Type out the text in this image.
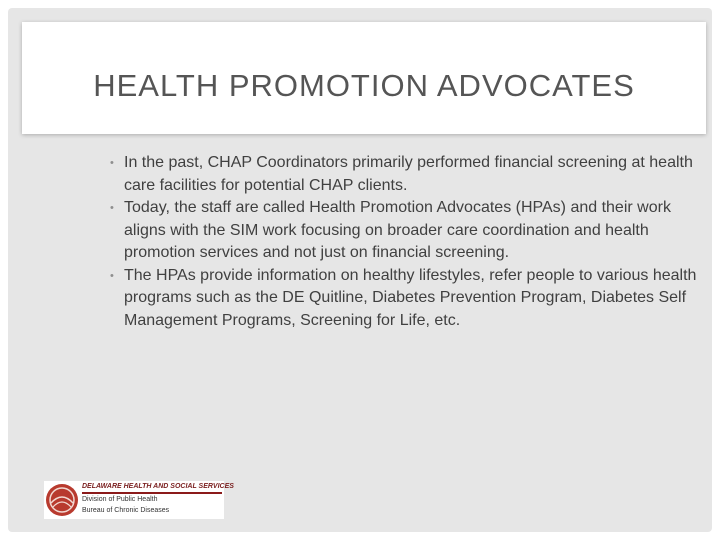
HEALTH PROMOTION ADVOCATES
• In the past, CHAP Coordinators primarily performed financial screening at health care facilities for potential CHAP clients.
• Today, the staff are called Health Promotion Advocates (HPAs) and their work aligns with the SIM work focusing on broader care coordination and health promotion services and not just on financial screening.
• The HPAs provide information on healthy lifestyles, refer people to various health programs such as the DE Quitline, Diabetes Prevention Program, Diabetes Self Management Programs, Screening for Life, etc.
DELAWARE HEALTH AND SOCIAL SERVICES
Division of Public Health
Bureau of Chronic Diseases
